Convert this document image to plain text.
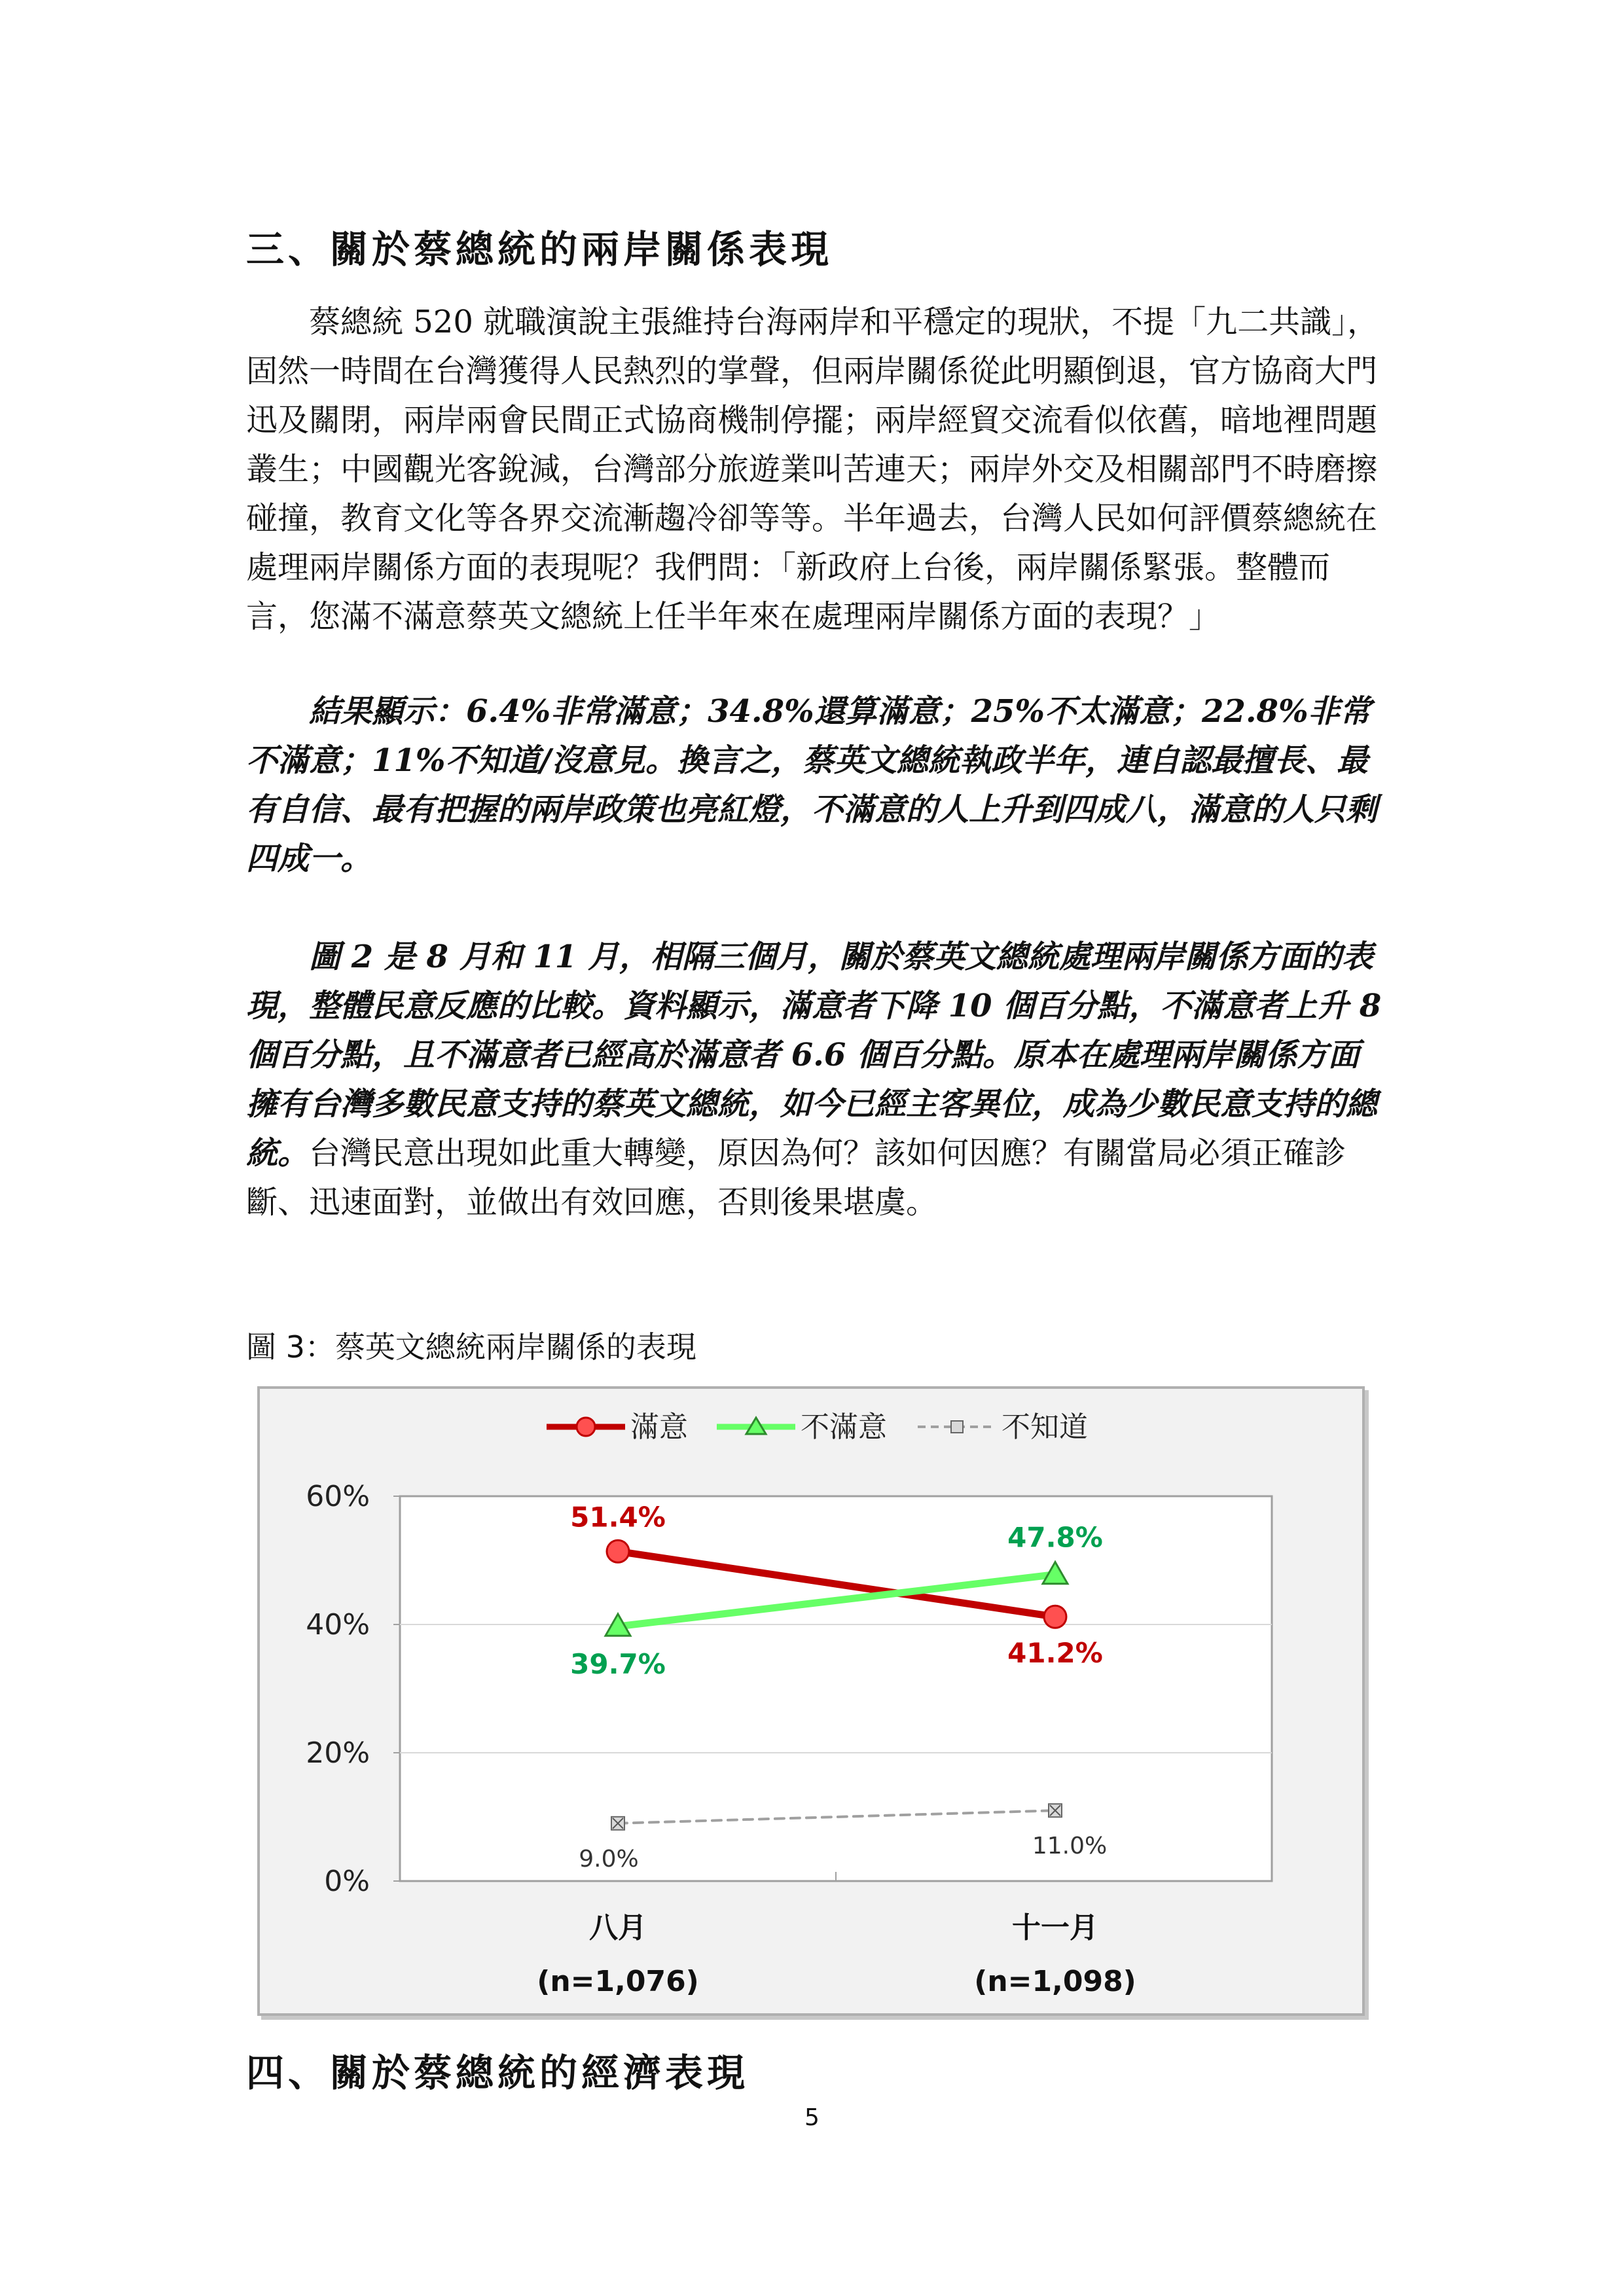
三、關於蔡總統的兩岸關係表現

蔡總統 520 就職演說主張維持台海兩岸和平穩定的現狀，不提「九二共識」，固然一時間在台灣獲得人民熱烈的掌聲，但兩岸關係從此明顯倒退，官方協商大門迅及關閉，兩岸兩會民間正式協商機制停擺；兩岸經貿交流看似依舊，暗地裡問題叢生；中國觀光客銳減，台灣部分旅遊業叫苦連天；兩岸外交及相關部門不時磨擦碰撞，教育文化等各界交流漸趨冷卻等等。半年過去，台灣人民如何評價蔡總統在處理兩岸關係方面的表現呢？我們問：「新政府上台後，兩岸關係緊張。整體而言，您滿不滿意蔡英文總統上任半年來在處理兩岸關係方面的表現？」

結果顯示：6.4%非常滿意；34.8%還算滿意；25%不太滿意；22.8%非常不滿意；11%不知道/沒意見。換言之，蔡英文總統執政半年，連自認最擅長、最有自信、最有把握的兩岸政策也亮紅燈，不滿意的人上升到四成八，滿意的人只剩四成一。

圖 2 是 8 月和 11 月，相隔三個月，關於蔡英文總統處理兩岸關係方面的表現，整體民意反應的比較。資料顯示，滿意者下降 10 個百分點，不滿意者上升 8 個百分點，且不滿意者已經高於滿意者 6.6 個百分點。原本在處理兩岸關係方面擁有台灣多數民意支持的蔡英文總統，如今已經主客異位，成為少數民意支持的總統。台灣民意出現如此重大轉變，原因為何？該如何因應？有關當局必須正確診斷、迅速面對，並做出有效回應，否則後果堪虞。

圖 3：蔡英文總統兩岸關係的表現

0%
20%
40%
60%
八月
(n=1,076)
十一月
(n=1,098)
51.4%
41.2%
39.7%
47.8%
9.0%	11.0%
滿意	不滿意	不知道
四、關於蔡總統的經濟表現

5
